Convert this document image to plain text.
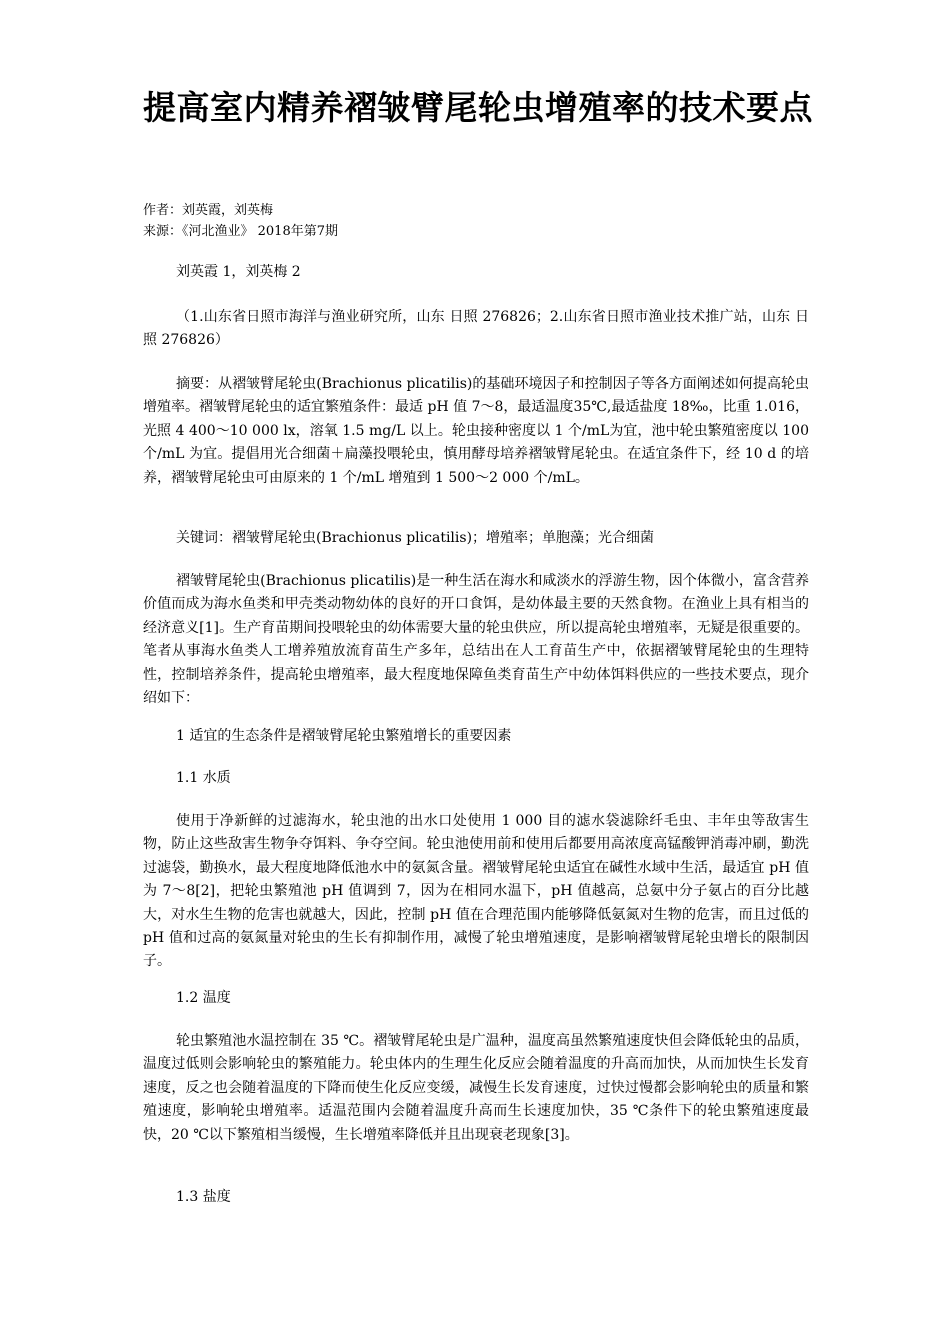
提高室内精养褶皱臂尾轮虫增殖率的技术要点
作者：刘英霞，刘英梅
来源：《河北渔业》 2018年第7期

刘英霞 1，刘英梅 2

（1.山东省日照市海洋与渔业研究所，山东 日照 276826；2.山东省日照市渔业技术推广站，山东 日照 276826）

摘要：从褶皱臂尾轮虫(Brachionus plicatilis)的基础环境因子和控制因子等各方面阐述如何提高轮虫增殖率。褶皱臂尾轮虫的适宜繁殖条件：最适 pH 值 7～8，最适温度35℃,最适盐度 18‰，比重 1.016，光照 4 400～10 000 lx，溶氧 1.5 mg/L 以上。轮虫接种密度以 1 个/mL为宜，池中轮虫繁殖密度以 100 个/mL 为宜。提倡用光合细菌＋扁藻投喂轮虫，慎用酵母培养褶皱臂尾轮虫。在适宜条件下，经 10 d 的培养，褶皱臂尾轮虫可由原来的 1 个/mL 增殖到 1 500～2 000 个/mL。

关键词：褶皱臂尾轮虫(Brachionus plicatilis)；增殖率；单胞藻；光合细菌

褶皱臂尾轮虫(Brachionus plicatilis)是一种生活在海水和咸淡水的浮游生物，因个体微小，富含营养价值而成为海水鱼类和甲壳类动物幼体的良好的开口食饵，是幼体最主要的天然食物。在渔业上具有相当的经济意义[1]。生产育苗期间投喂轮虫的幼体需要大量的轮虫供应，所以提高轮虫增殖率，无疑是很重要的。笔者从事海水鱼类人工增养殖放流育苗生产多年，总结出在人工育苗生产中，依据褶皱臂尾轮虫的生理特性，控制培养条件，提高轮虫增殖率，最大程度地保障鱼类育苗生产中幼体饵料供应的一些技术要点，现介绍如下：

1 适宜的生态条件是褶皱臂尾轮虫繁殖增长的重要因素
1.1 水质

使用于净新鲜的过滤海水，轮虫池的出水口处使用 1 000 目的滤水袋滤除纤毛虫、丰年虫等敌害生物，防止这些敌害生物争夺饵料、争夺空间。轮虫池使用前和使用后都要用高浓度高锰酸钾消毒冲刷，勤洗过滤袋，勤换水，最大程度地降低池水中的氨氮含量。褶皱臂尾轮虫适宜在碱性水域中生活，最适宜 pH 值为 7～8[2]，把轮虫繁殖池 pH 值调到 7，因为在相同水温下，pH 值越高，总氨中分子氨占的百分比越大，对水生生物的危害也就越大，因此，控制 pH 值在合理范围内能够降低氨氮对生物的危害，而且过低的 pH 值和过高的氨氮量对轮虫的生长有抑制作用，减慢了轮虫增殖速度，是影响褶皱臂尾轮虫增长的限制因子。

1.2 温度

轮虫繁殖池水温控制在 35 ℃。褶皱臂尾轮虫是广温种，温度高虽然繁殖速度快但会降低轮虫的品质，温度过低则会影响轮虫的繁殖能力。轮虫体内的生理生化反应会随着温度的升高而加快，从而加快生长发育速度，反之也会随着温度的下降而使生化反应变缓，减慢生长发育速度，过快过慢都会影响轮虫的质量和繁殖速度，影响轮虫增殖率。适温范围内会随着温度升高而生长速度加快，35 ℃条件下的轮虫繁殖速度最快，20 ℃以下繁殖相当缓慢，生长增殖率降低并且出现衰老现象[3]。

1.3 盐度
